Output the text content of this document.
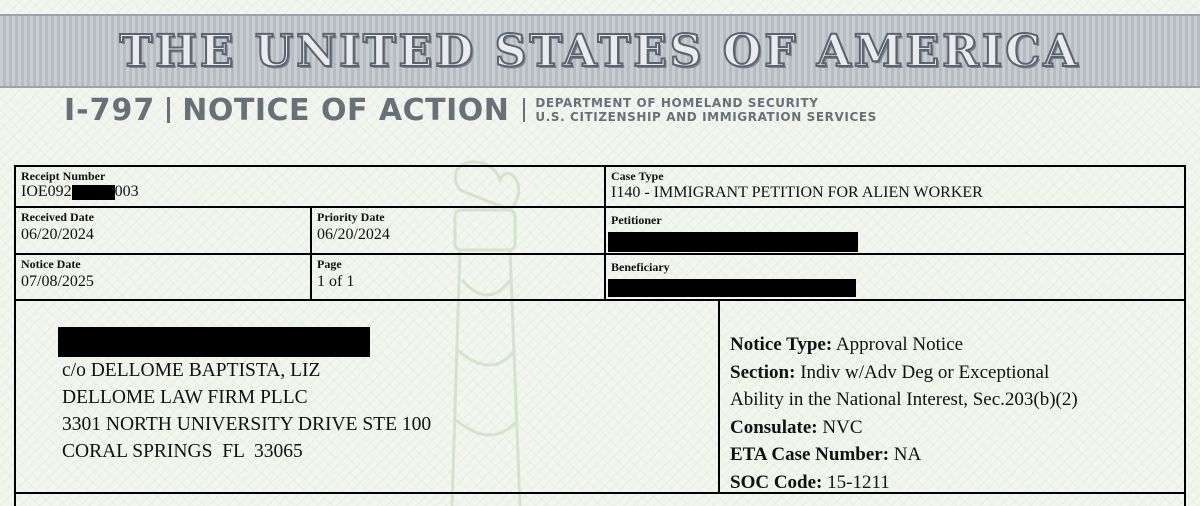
THE UNITED STATES OF AMERICA
I-797 NOTICE OF ACTION DEPARTMENT OF HOMELAND SECURITY
U.S. CITIZENSHIP AND IMMIGRATION SERVICES
Receipt Number
IOE092	003
Case Type
I140 - IMMIGRANT PETITION FOR ALIEN WORKER
Received Date
06/20/2024
Priority Date
06/20/2024
Petitioner
Notice Date
07/08/2025
Page
1 of 1
Beneficiary
c/o DELLOME BAPTISTA, LIZ
DELLOME LAW FIRM PLLC
3301 NORTH UNIVERSITY DRIVE STE 100
CORAL SPRINGS  FL  33065
Notice Type: Approval Notice
Section: Indiv w/Adv Deg or Exceptional
Ability in the National Interest, Sec.203(b)(2)
Consulate: NVC
ETA Case Number: NA
SOC Code: 15-1211
